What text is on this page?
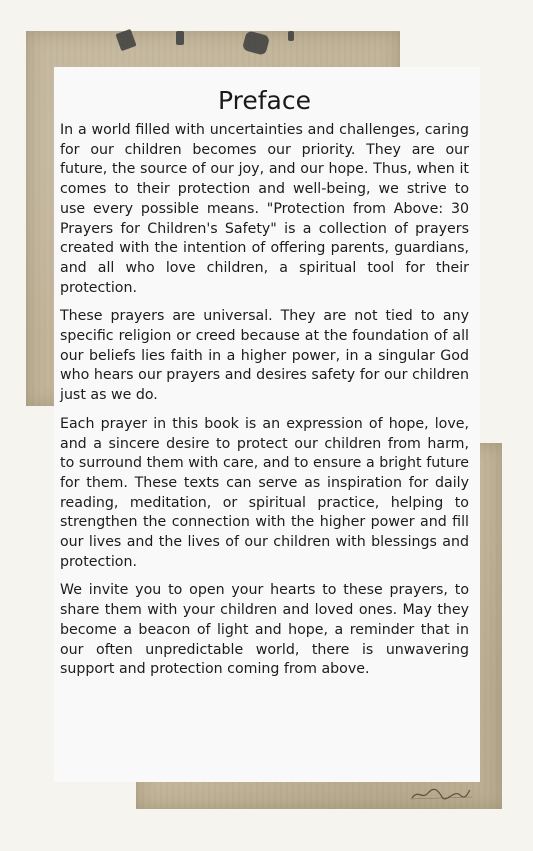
Preface

In a world filled with uncertainties and challenges, caring for our children becomes our priority. They are our future, the source of our joy, and our hope. Thus, when it comes to their protection and well-being, we strive to use every possible means. "Protection from Above: 30 Prayers for Children's Safety" is a collection of prayers created with the intention of offering parents, guardians, and all who love children, a spiritual tool for their protection.

These prayers are universal. They are not tied to any specific religion or creed because at the foundation of all our beliefs lies faith in a higher power, in a singular God who hears our prayers and desires safety for our children just as we do.

Each prayer in this book is an expression of hope, love, and a sincere desire to protect our children from harm, to surround them with care, and to ensure a bright future for them. These texts can serve as inspiration for daily reading, meditation, or spiritual practice, helping to strengthen the connection with the higher power and fill our lives and the lives of our children with blessings and protection.

We invite you to open your hearts to these prayers, to share them with your children and loved ones. May they become a beacon of light and hope, a reminder that in our often unpredictable world, there is unwavering support and protection coming from above.
